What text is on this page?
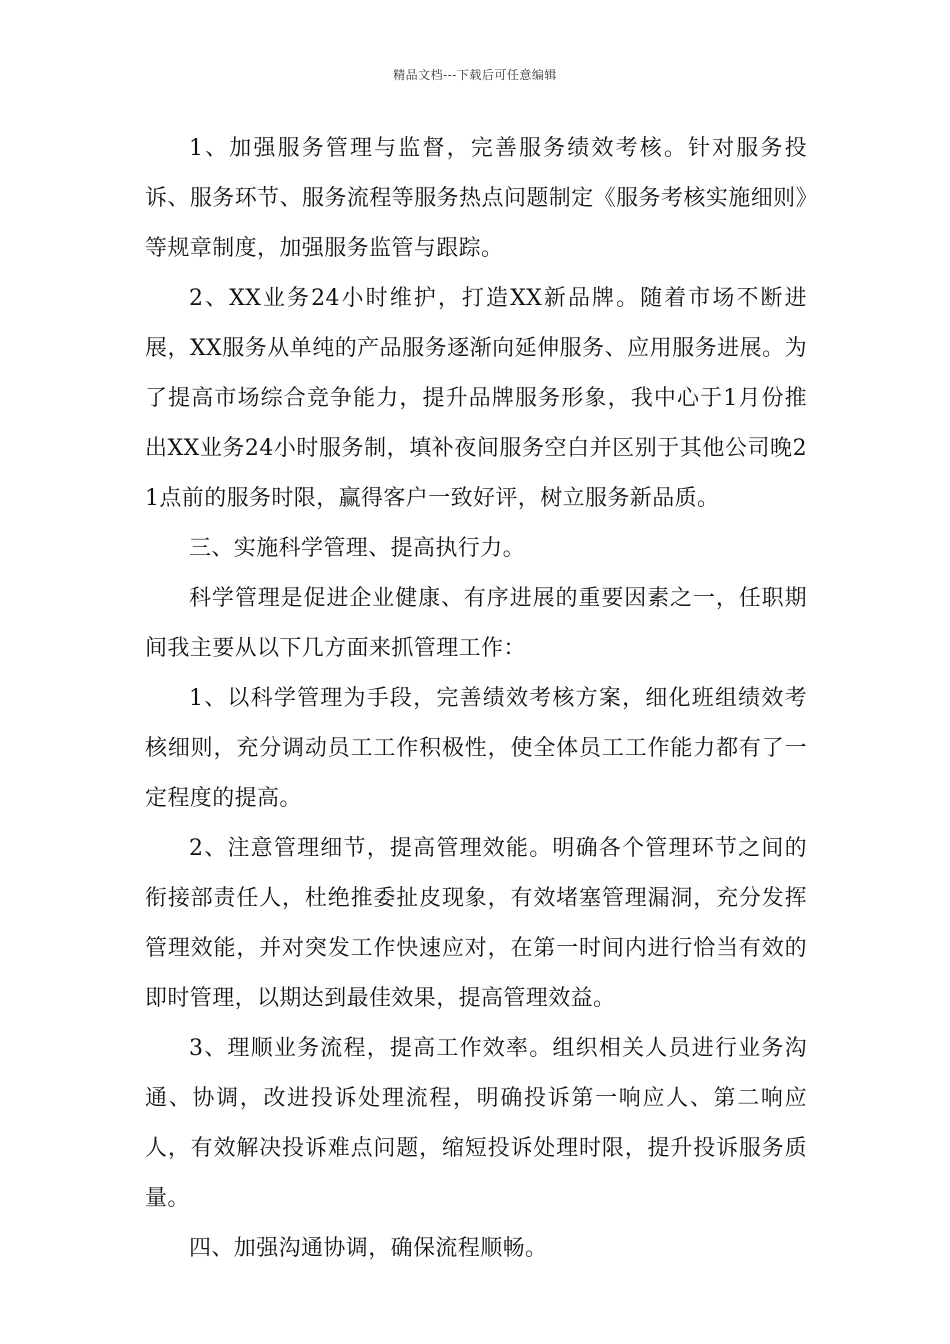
精品文档---下载后可任意编辑

1、加强服务管理与监督，完善服务绩效考核。针对服务投诉、服务环节、服务流程等服务热点问题制定《服务考核实施细则》等规章制度，加强服务监管与跟踪。

2、XX业务24小时维护，打造XX新品牌。随着市场不断进展，XX服务从单纯的产品服务逐渐向延伸服务、应用服务进展。为了提高市场综合竞争能力，提升品牌服务形象，我中心于1月份推出XX业务24小时服务制，填补夜间服务空白并区别于其他公司晚21点前的服务时限，赢得客户一致好评，树立服务新品质。

三、实施科学管理、提高执行力。

科学管理是促进企业健康、有序进展的重要因素之一，任职期间我主要从以下几方面来抓管理工作：

1、以科学管理为手段，完善绩效考核方案，细化班组绩效考核细则，充分调动员工工作积极性，使全体员工工作能力都有了一定程度的提高。

2、注意管理细节，提高管理效能。明确各个管理环节之间的衔接部责任人，杜绝推委扯皮现象，有效堵塞管理漏洞，充分发挥管理效能，并对突发工作快速应对，在第一时间内进行恰当有效的即时管理，以期达到最佳效果，提高管理效益。

3、理顺业务流程，提高工作效率。组织相关人员进行业务沟通、协调，改进投诉处理流程，明确投诉第一响应人、第二响应人，有效解决投诉难点问题，缩短投诉处理时限，提升投诉服务质量。

四、加强沟通协调，确保流程顺畅。
